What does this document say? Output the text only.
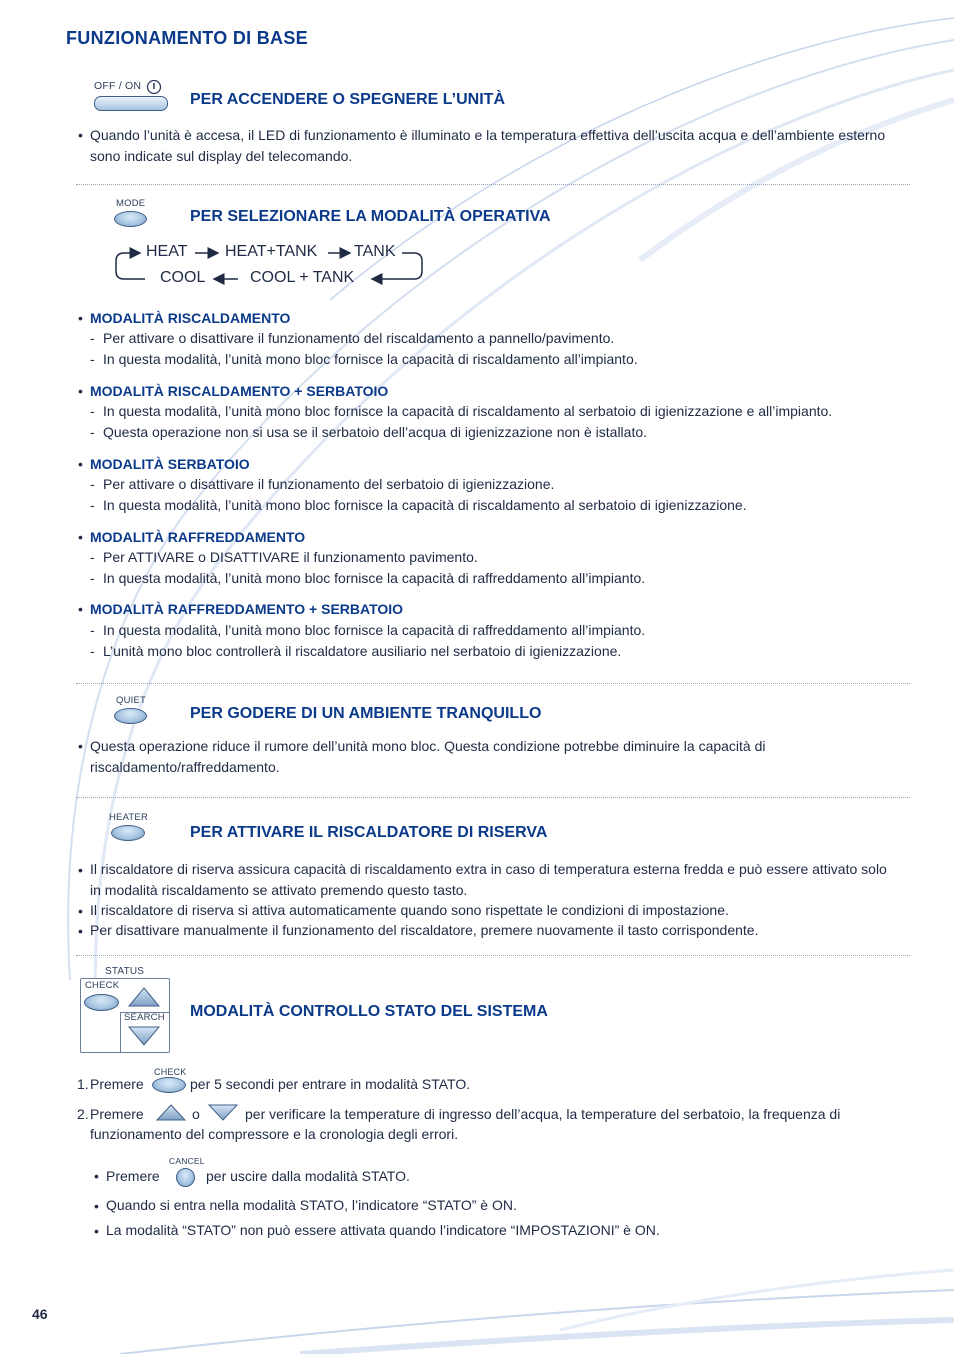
FUNZIONAMENTO DI BASE
OFF / ON
PER ACCENDERE O SPEGNERE L’UNITÀ
• Quando l’unità è accesa, il LED di funzionamento è illuminato e la temperatura effettiva dell’uscita acqua e dell’ambiente esterno sono indicate sul display del telecomando.
MODE
PER SELEZIONARE LA MODALITÀ OPERATIVA
HEAT HEAT+TANK TANK
COOL + TANK
COOL
• MODALITÀ RISCALDAMENTO
- Per attivare o disattivare il funzionamento del riscaldamento a pannello/pavimento.
- In questa modalità, l’unità mono bloc fornisce la capacità di riscaldamento all’impianto.
• MODALITÀ RISCALDAMENTO + SERBATOIO
- In questa modalità, l’unità mono bloc fornisce la capacità di riscaldamento al serbatoio di igienizzazione e all’impianto.
- Questa operazione non si usa se il serbatoio dell’acqua di igienizzazione non è istallato.
• MODALITÀ SERBATOIO
- Per attivare o disattivare il funzionamento del serbatoio di igienizzazione.
- In questa modalità, l’unità mono bloc fornisce la capacità di riscaldamento al serbatoio di igienizzazione.
• MODALITÀ RAFFREDDAMENTO
- Per ATTIVARE o DISATTIVARE il funzionamento pavimento.
- In questa modalità, l’unità mono bloc fornisce la capacità di raffreddamento all’impianto.
• MODALITÀ RAFFREDDAMENTO + SERBATOIO
- In questa modalità, l’unità mono bloc fornisce la capacità di raffreddamento all’impianto.
- L’unità mono bloc controllerà il riscaldatore ausiliario nel serbatoio di igienizzazione.
QUIET
PER GODERE DI UN AMBIENTE TRANQUILLO
• Questa operazione riduce il rumore dell’unità mono bloc. Questa condizione potrebbe diminuire la capacità di riscaldamento/raffreddamento.
HEATER
PER ATTIVARE IL RISCALDATORE DI RISERVA
• Il riscaldatore di riserva assicura capacità di riscaldamento extra in caso di temperatura esterna fredda e può essere attivato solo in modalità riscaldamento se attivato premendo questo tasto.
• Il riscaldatore di riserva si attiva automaticamente quando sono rispettate le condizioni di impostazione.
• Per disattivare manualmente il funzionamento del riscaldatore, premere nuovamente il tasto corrispondente.
STATUS
CHECK
SEARCH MODALITÀ CONTROLLO STATO DEL SISTEMA
1. Premere
CHECK
per 5 secondi per entrare in modalità STATO.
2. Premere	o	per verificare la temperature di ingresso dell’acqua, la temperature del serbatoio, la frequenza di
funzionamento del compressore e la cronologia degli errori.
• Premere
CANCEL
per uscire dalla modalità STATO.
• Quando si entra nella modalità STATO, l’indicatore “STATO” è ON.
• La modalità “STATO” non può essere attivata quando l’indicatore “IMPOSTAZIONI” è ON.
46
